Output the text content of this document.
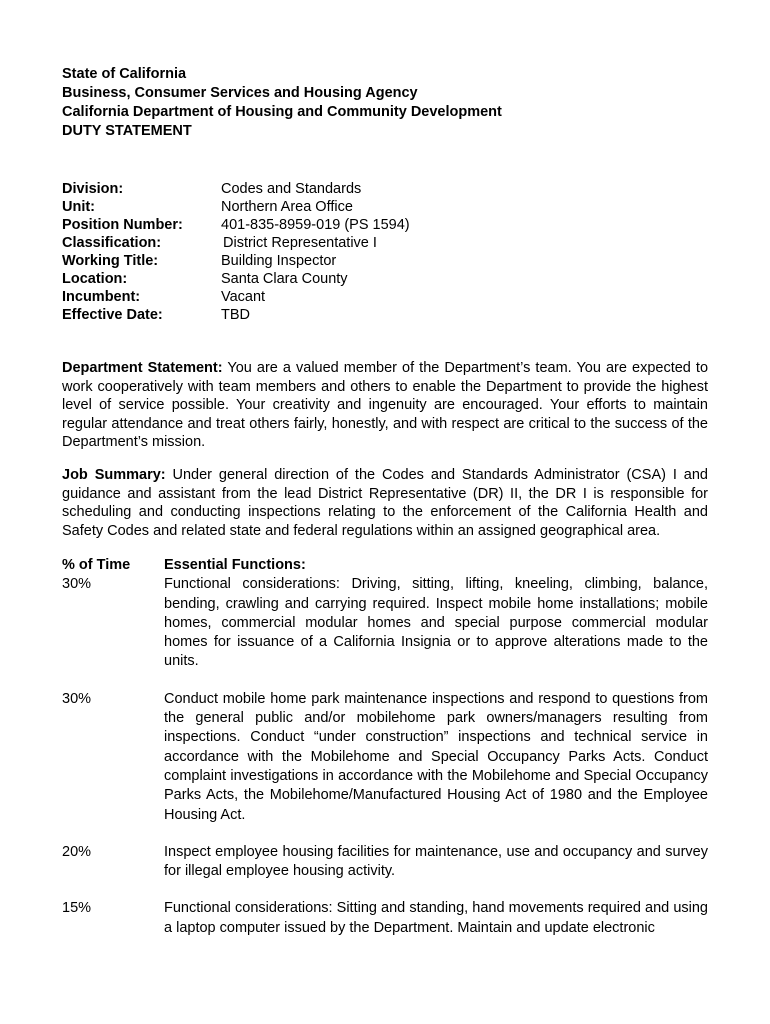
State of California
Business, Consumer Services and Housing Agency
California Department of Housing and Community Development
DUTY STATEMENT
Division:	Codes and Standards
Unit:	Northern Area Office
Position Number:	401-835-8959-019 (PS 1594)
Classification:	District Representative I
Working Title:	Building Inspector
Location:	Santa Clara County
Incumbent:	Vacant
Effective Date:	TBD
Department Statement: You are a valued member of the Department’s team. You are expected to work cooperatively with team members and others to enable the Department to provide the highest level of service possible. Your creativity and ingenuity are encouraged. Your efforts to maintain regular attendance and treat others fairly, honestly, and with respect are critical to the success of the Department’s mission.
Job Summary: Under general direction of the Codes and Standards Administrator (CSA) I and guidance and assistant from the lead District Representative (DR) II, the DR I is responsible for scheduling and conducting inspections relating to the enforcement of the California Health and Safety Codes and related state and federal regulations within an assigned geographical area.
% of Time	Essential Functions:
30%	Functional considerations: Driving, sitting, lifting, kneeling, climbing, balance, bending, crawling and carrying required. Inspect mobile home installations; mobile homes, commercial modular homes and special purpose commercial modular homes for issuance of a California Insignia or to approve alterations made to the units.
30%	Conduct mobile home park maintenance inspections and respond to questions from the general public and/or mobilehome park owners/managers resulting from inspections. Conduct “under construction” inspections and technical service in accordance with the Mobilehome and Special Occupancy Parks Acts. Conduct complaint investigations in accordance with the Mobilehome and Special Occupancy Parks Acts, the Mobilehome/Manufactured Housing Act of 1980 and the Employee Housing Act.
20%	Inspect employee housing facilities for maintenance, use and occupancy and survey for illegal employee housing activity.
15%	Functional considerations: Sitting and standing, hand movements required and using a laptop computer issued by the Department. Maintain and update electronic
